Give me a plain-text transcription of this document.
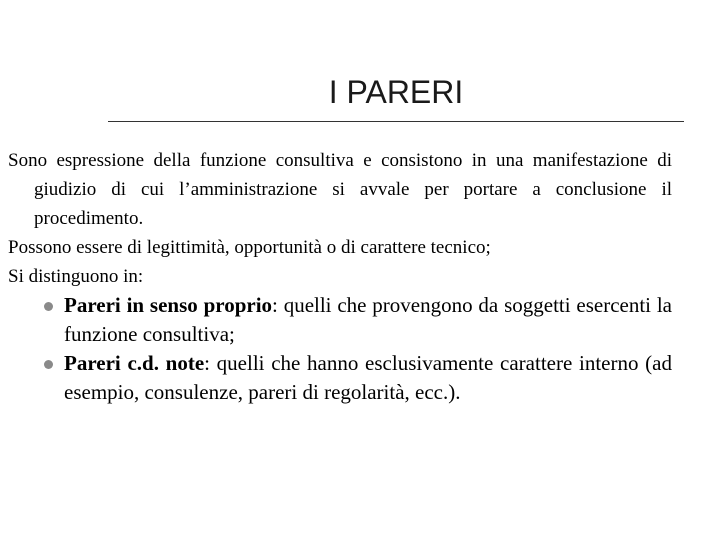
I PARERI

Sono espressione della funzione consultiva e consistono in una manifestazione di giudizio di cui l’amministrazione si avvale per portare a conclusione il procedimento.

Possono essere di legittimità, opportunità o di carattere tecnico;

Si distinguono in:

Pareri in senso proprio: quelli che provengono da soggetti esercenti la funzione consultiva;
Pareri c.d. note: quelli che hanno esclusivamente carattere interno (ad esempio, consulenze, pareri di regolarità, ecc.).
